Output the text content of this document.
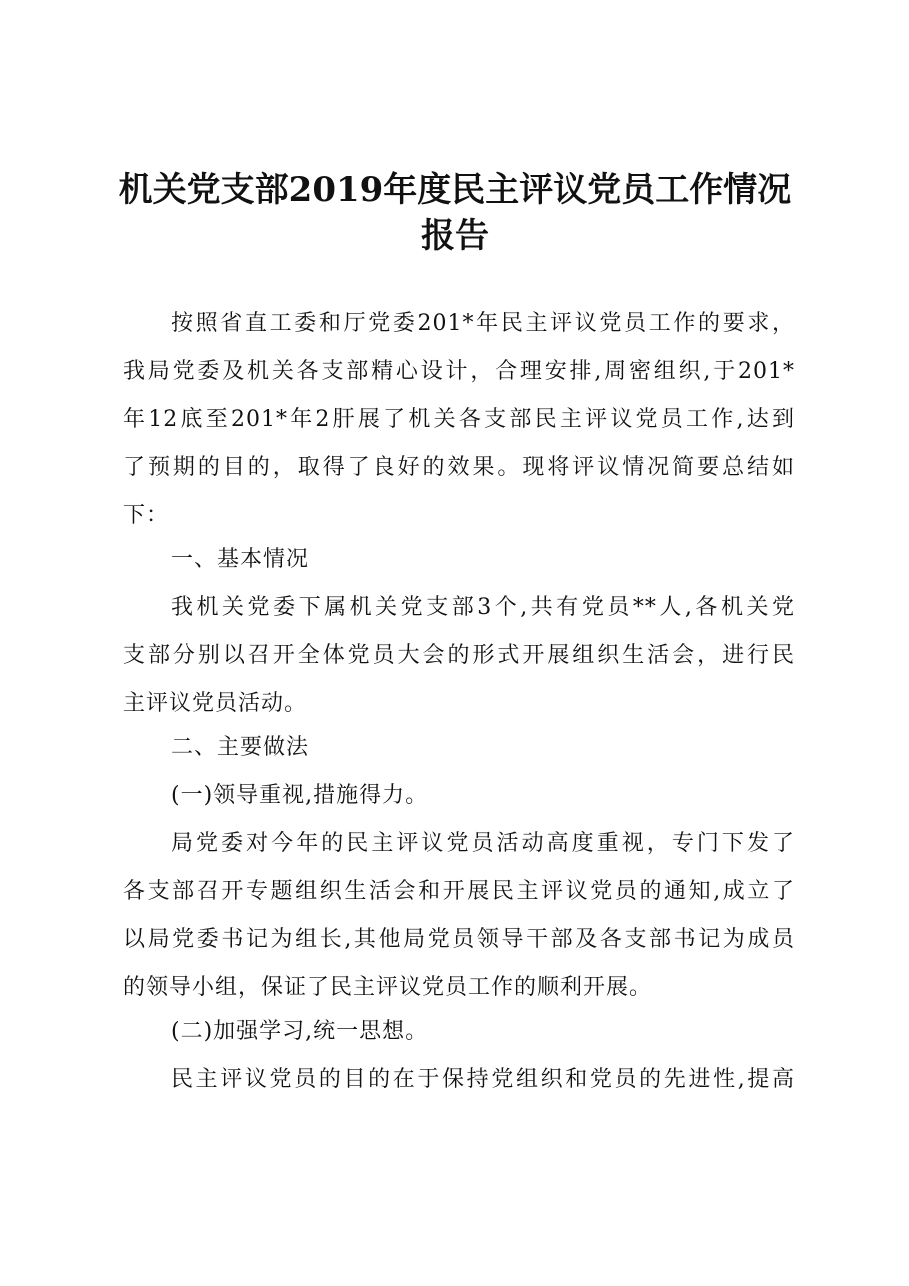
机关党支部2019年度民主评议党员工作情况
报告
按照省直工委和厅党委201*年民主评议党员工作的要求，
我局党委及机关各支部精心设计，合理安排,周密组织,于201*
年12底至201*年2肝展了机关各支部民主评议党员工作,达到
了预期的目的，取得了良好的效果。现将评议情况简要总结如
下：
一、基本情况
我机关党委下属机关党支部3个,共有党员**人,各机关党
支部分别以召开全体党员大会的形式开展组织生活会，进行民
主评议党员活动。
二、主要做法
(一)领导重视,措施得力。
局党委对今年的民主评议党员活动高度重视，专门下发了
各支部召开专题组织生活会和开展民主评议党员的通知,成立了
以局党委书记为组长,其他局党员领导干部及各支部书记为成员
的领导小组，保证了民主评议党员工作的顺利开展。
(二)加强学习,统一思想。
民主评议党员的目的在于保持党组织和党员的先进性,提高
